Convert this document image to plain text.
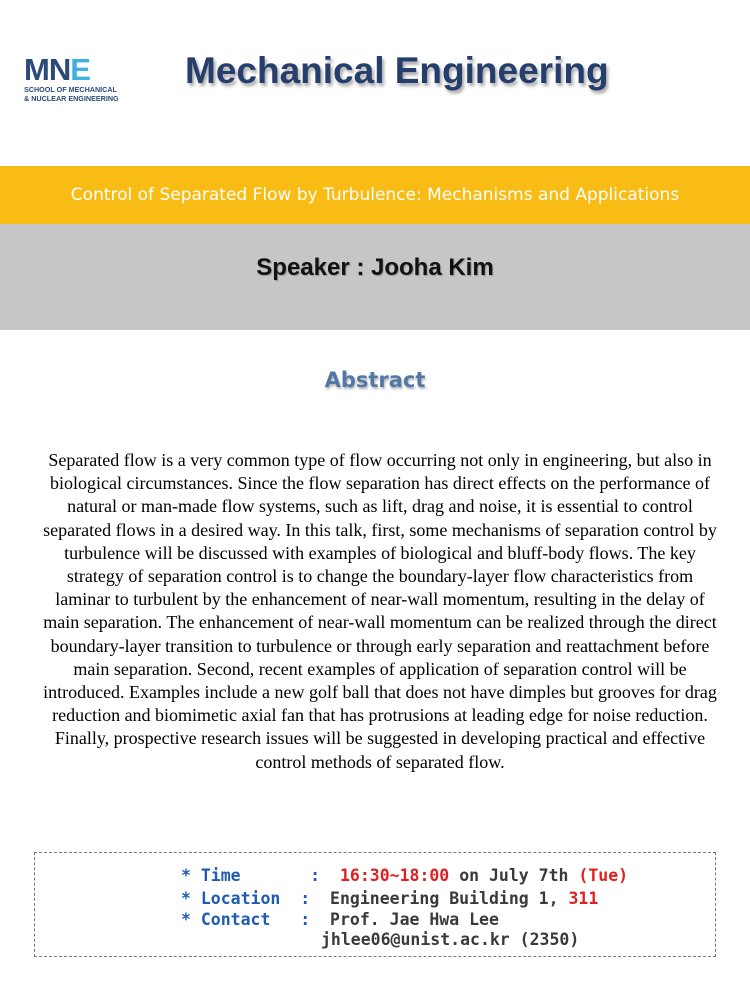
MNE
SCHOOL OF MECHANICAL
& NUCLEAR ENGINEERING
Mechanical Engineering
Control of Separated Flow by Turbulence: Mechanisms and Applications
Speaker : Jooha Kim
Abstract
Separated flow is a very common type of flow occurring not only in engineering, but also in biological circumstances. Since the flow separation has direct effects on the performance of natural or man-made flow systems, such as lift, drag and noise, it is essential to control separated flows in a desired way. In this talk, first, some mechanisms of separation control by turbulence will be discussed with examples of biological and bluff-body flows. The key strategy of separation control is to change the boundary-layer flow characteristics from laminar to turbulent by the enhancement of near-wall momentum, resulting in the delay of main separation. The enhancement of near-wall momentum can be realized through the direct boundary-layer transition to turbulence or through early separation and reattachment before main separation. Second, recent examples of application of separation control will be introduced. Examples include a new golf ball that does not have dimples but grooves for drag reduction and biomimetic axial fan that has protrusions at leading edge for noise reduction. Finally, prospective research issues will be suggested in developing practical and effective control methods of separated flow.
* Time	: 16:30~18:00 on July 7th (Tue)
* Location : Engineering Building 1, 311
* Contact : Prof. Jae Hwa Lee
jhlee06@unist.ac.kr (2350)
